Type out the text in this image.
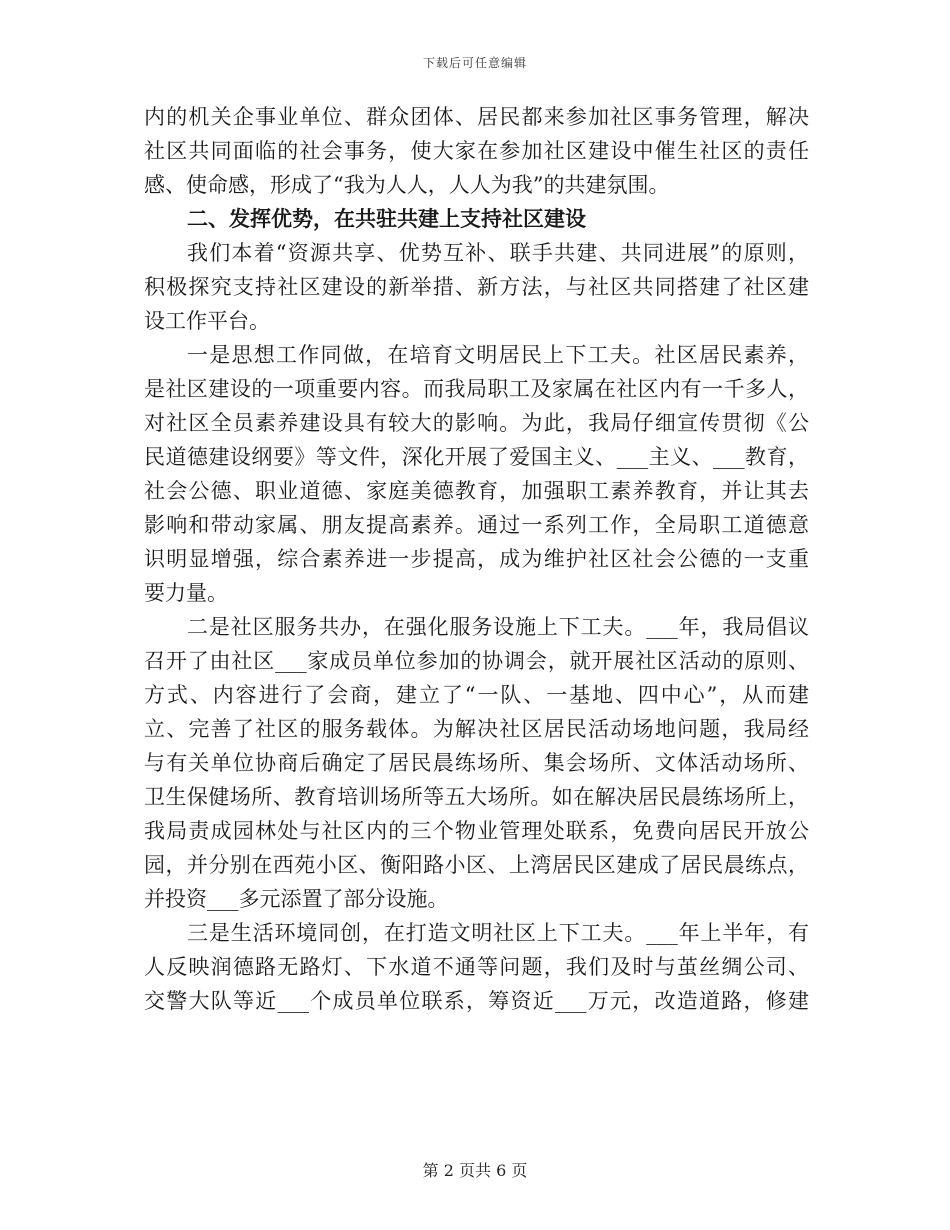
下载后可任意编辑

内的机关企事业单位、群众团体、居民都来参加社区事务管理，解决

社区共同面临的社会事务，使大家在参加社区建设中催生社区的责任

感、使命感，形成了“我为人人，人人为我”的共建氛围。

二、发挥优势，在共驻共建上支持社区建设

我们本着“资源共享、优势互补、联手共建、共同进展”的原则，

积极探究支持社区建设的新举措、新方法，与社区共同搭建了社区建

设工作平台。

一是思想工作同做，在培育文明居民上下工夫。社区居民素养，

是社区建设的一项重要内容。而我局职工及家属在社区内有一千多人，

对社区全员素养建设具有较大的影响。为此，我局仔细宣传贯彻《公

民道德建设纲要》等文件，深化开展了爱国主义、___主义、___教育，

社会公德、职业道德、家庭美德教育，加强职工素养教育，并让其去

影响和带动家属、朋友提高素养。通过一系列工作，全局职工道德意

识明显增强，综合素养进一步提高，成为维护社区社会公德的一支重

要力量。

二是社区服务共办，在强化服务设施上下工夫。___年，我局倡议

召开了由社区___家成员单位参加的协调会，就开展社区活动的原则、

方式、内容进行了会商，建立了“一队、一基地、四中心”，从而建

立、完善了社区的服务载体。为解决社区居民活动场地问题，我局经

与有关单位协商后确定了居民晨练场所、集会场所、文体活动场所、

卫生保健场所、教育培训场所等五大场所。如在解决居民晨练场所上，

我局责成园林处与社区内的三个物业管理处联系，免费向居民开放公

园，并分别在西苑小区、衡阳路小区、上湾居民区建成了居民晨练点，

并投资___多元添置了部分设施。

三是生活环境同创，在打造文明社区上下工夫。___年上半年，有

人反映润德路无路灯、下水道不通等问题，我们及时与茧丝绸公司、

交警大队等近___个成员单位联系，筹资近___万元，改造道路，修建

第 2 页共 6 页
